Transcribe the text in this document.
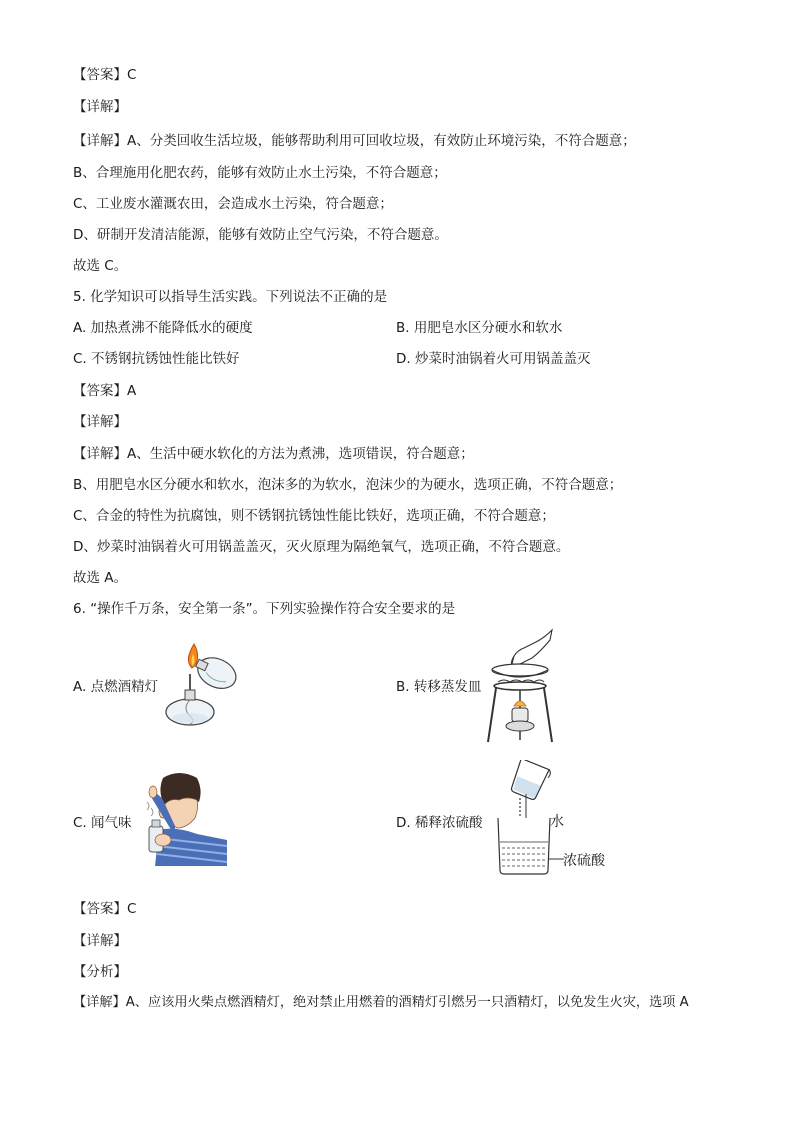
【答案】C
【详解】
【详解】A、分类回收生活垃圾，能够帮助利用可回收垃圾，有效防止环境污染，不符合题意；
B、合理施用化肥农药，能够有效防止水土污染，不符合题意；
C、工业废水灌溉农田，会造成水土污染，符合题意；
D、研制开发清洁能源，能够有效防止空气污染，不符合题意。
故选 C。
5. 化学知识可以指导生活实践。下列说法不正确的是
A. 加热煮沸不能降低水的硬度	B. 用肥皂水区分硬水和软水
C. 不锈钢抗锈蚀性能比铁好	D. 炒菜时油锅着火可用锅盖盖灭
【答案】A
【详解】
【详解】A、生活中硬水软化的方法为煮沸，选项错误，符合题意；
B、用肥皂水区分硬水和软水，泡沫多的为软水，泡沫少的为硬水，选项正确，不符合题意；
C、合金的特性为抗腐蚀，则不锈钢抗锈蚀性能比铁好，选项正确，不符合题意；
D、炒菜时油锅着火可用锅盖盖灭，灭火原理为隔绝氧气，选项正确，不符合题意。
故选 A。
6. “操作千万条，安全第一条”。下列实验操作符合安全要求的是
A. 点燃酒精灯	B. 转移蒸发皿
C. 闻气味	D. 稀释浓硫酸	水
浓硫酸
【答案】C
【详解】
【分析】
【详解】A、应该用火柴点燃酒精灯，绝对禁止用燃着的酒精灯引燃另一只酒精灯，以免发生火灾，选项 A
